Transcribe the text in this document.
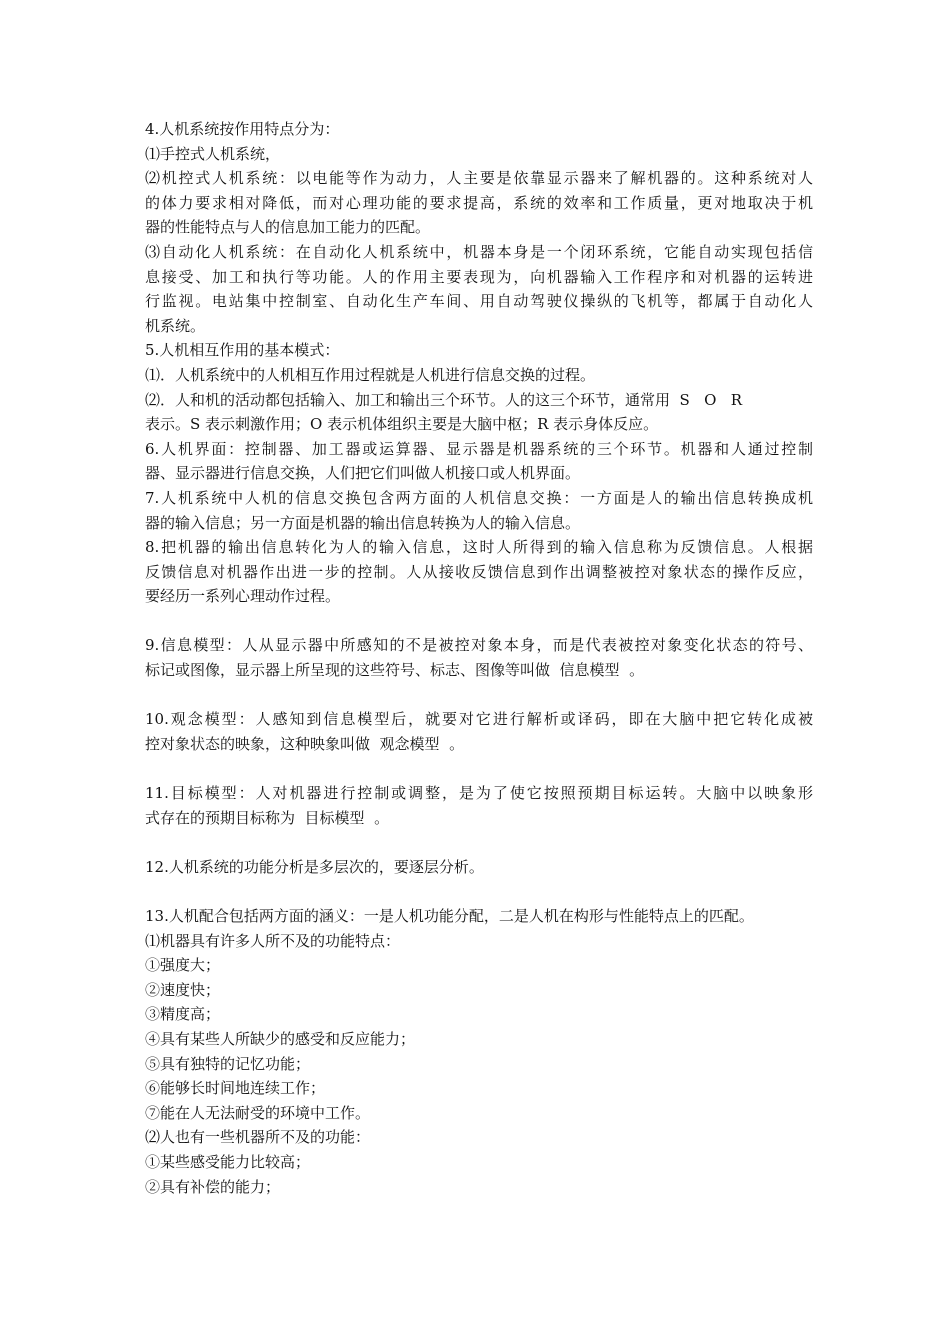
4.人机系统按作用特点分为：
⑴手控式人机系统，
⑵机控式人机系统：以电能等作为动力，人主要是依靠显示器来了解机器的。这种系统对人
的体力要求相对降低，而对心理功能的要求提高，系统的效率和工作质量，更对地取决于机
器的性能特点与人的信息加工能力的匹配。
⑶自动化人机系统：在自动化人机系统中，机器本身是一个闭环系统，它能自动实现包括信
息接受、加工和执行等功能。人的作用主要表现为，向机器输入工作程序和对机器的运转进
行监视。电站集中控制室、自动化生产车间、用自动驾驶仪操纵的飞机等，都属于自动化人
机系统。
5.人机相互作用的基本模式：
⑴．人机系统中的人机相互作用过程就是人机进行信息交换的过程。
⑵．人和机的活动都包括输入、加工和输出三个环节。人的这三个环节，通常用  S   O   R
表示。S 表示刺激作用；O 表示机体组织主要是大脑中枢；R 表示身体反应。
6.人机界面：控制器、加工器或运算器、显示器是机器系统的三个环节。机器和人通过控制
器、显示器进行信息交换，人们把它们叫做人机接口或人机界面。
7.人机系统中人机的信息交换包含两方面的人机信息交换：一方面是人的输出信息转换成机
器的输入信息；另一方面是机器的输出信息转换为人的输入信息。
8.把机器的输出信息转化为人的输入信息，这时人所得到的输入信息称为反馈信息。人根据
反馈信息对机器作出进一步的控制。人从接收反馈信息到作出调整被控对象状态的操作反应，
要经历一系列心理动作过程。
9.信息模型：人从显示器中所感知的不是被控对象本身，而是代表被控对象变化状态的符号、
标记或图像，显示器上所呈现的这些符号、标志、图像等叫做  信息模型  。
10.观念模型：人感知到信息模型后，就要对它进行解析或译码，即在大脑中把它转化成被
控对象状态的映象，这种映象叫做  观念模型  。
11.目标模型：人对机器进行控制或调整，是为了使它按照预期目标运转。大脑中以映象形
式存在的预期目标称为  目标模型  。
12.人机系统的功能分析是多层次的，要逐层分析。
13.人机配合包括两方面的涵义：一是人机功能分配，二是人机在构形与性能特点上的匹配。
⑴机器具有许多人所不及的功能特点：
①强度大；
②速度快；
③精度高；
④具有某些人所缺少的感受和反应能力；
⑤具有独特的记忆功能；
⑥能够长时间地连续工作；
⑦能在人无法耐受的环境中工作。
⑵人也有一些机器所不及的功能：
①某些感受能力比较高；
②具有补偿的能力；
